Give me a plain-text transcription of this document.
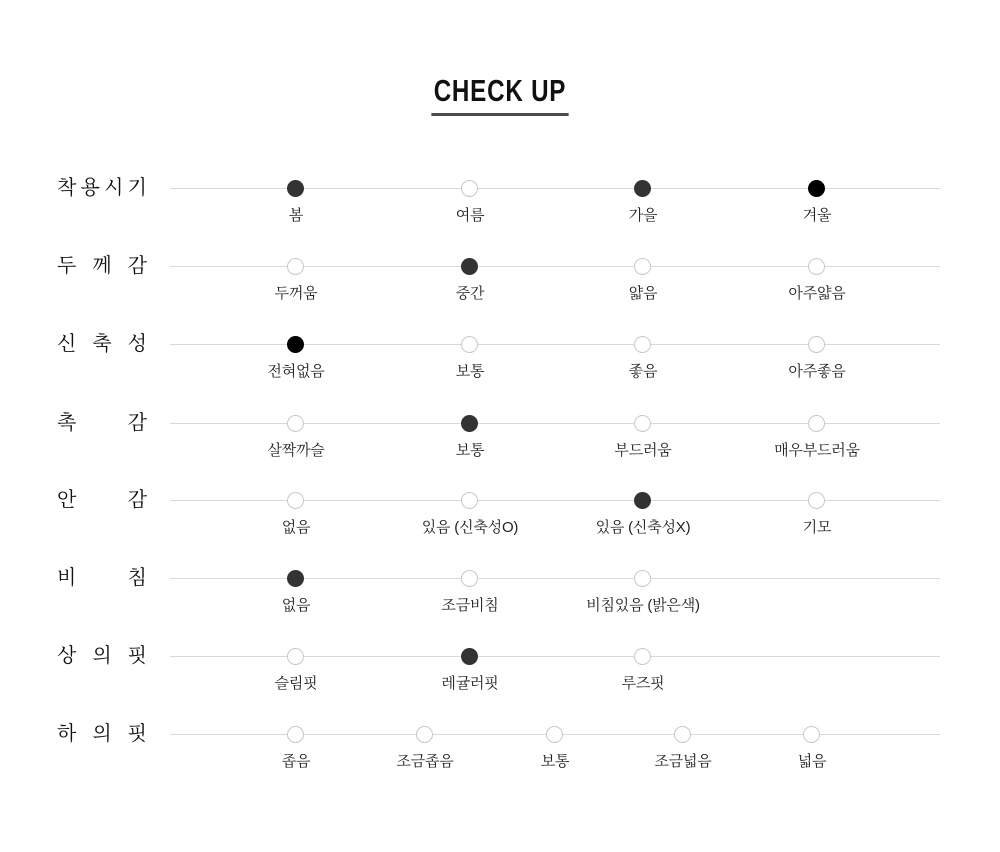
CHECK UP
착 용 시 기
봄	여름	가을	겨울
두 께 감
두꺼움	중간	얇음	아주얇음
신 축 성
전혀없음	보통	좋음	아주좋음
촉	감
살짝까슬	보통	부드러움	매우부드러움
안	감
없음	있음 (신축성O)	있음 (신축성X)	기모
비	침
없음	조금비침	비침있음 (밝은색)
상 의 핏
슬림핏	레귤러핏	루즈핏
하 의 핏
좁음	조금좁음	보통	조금넓음	넓음
